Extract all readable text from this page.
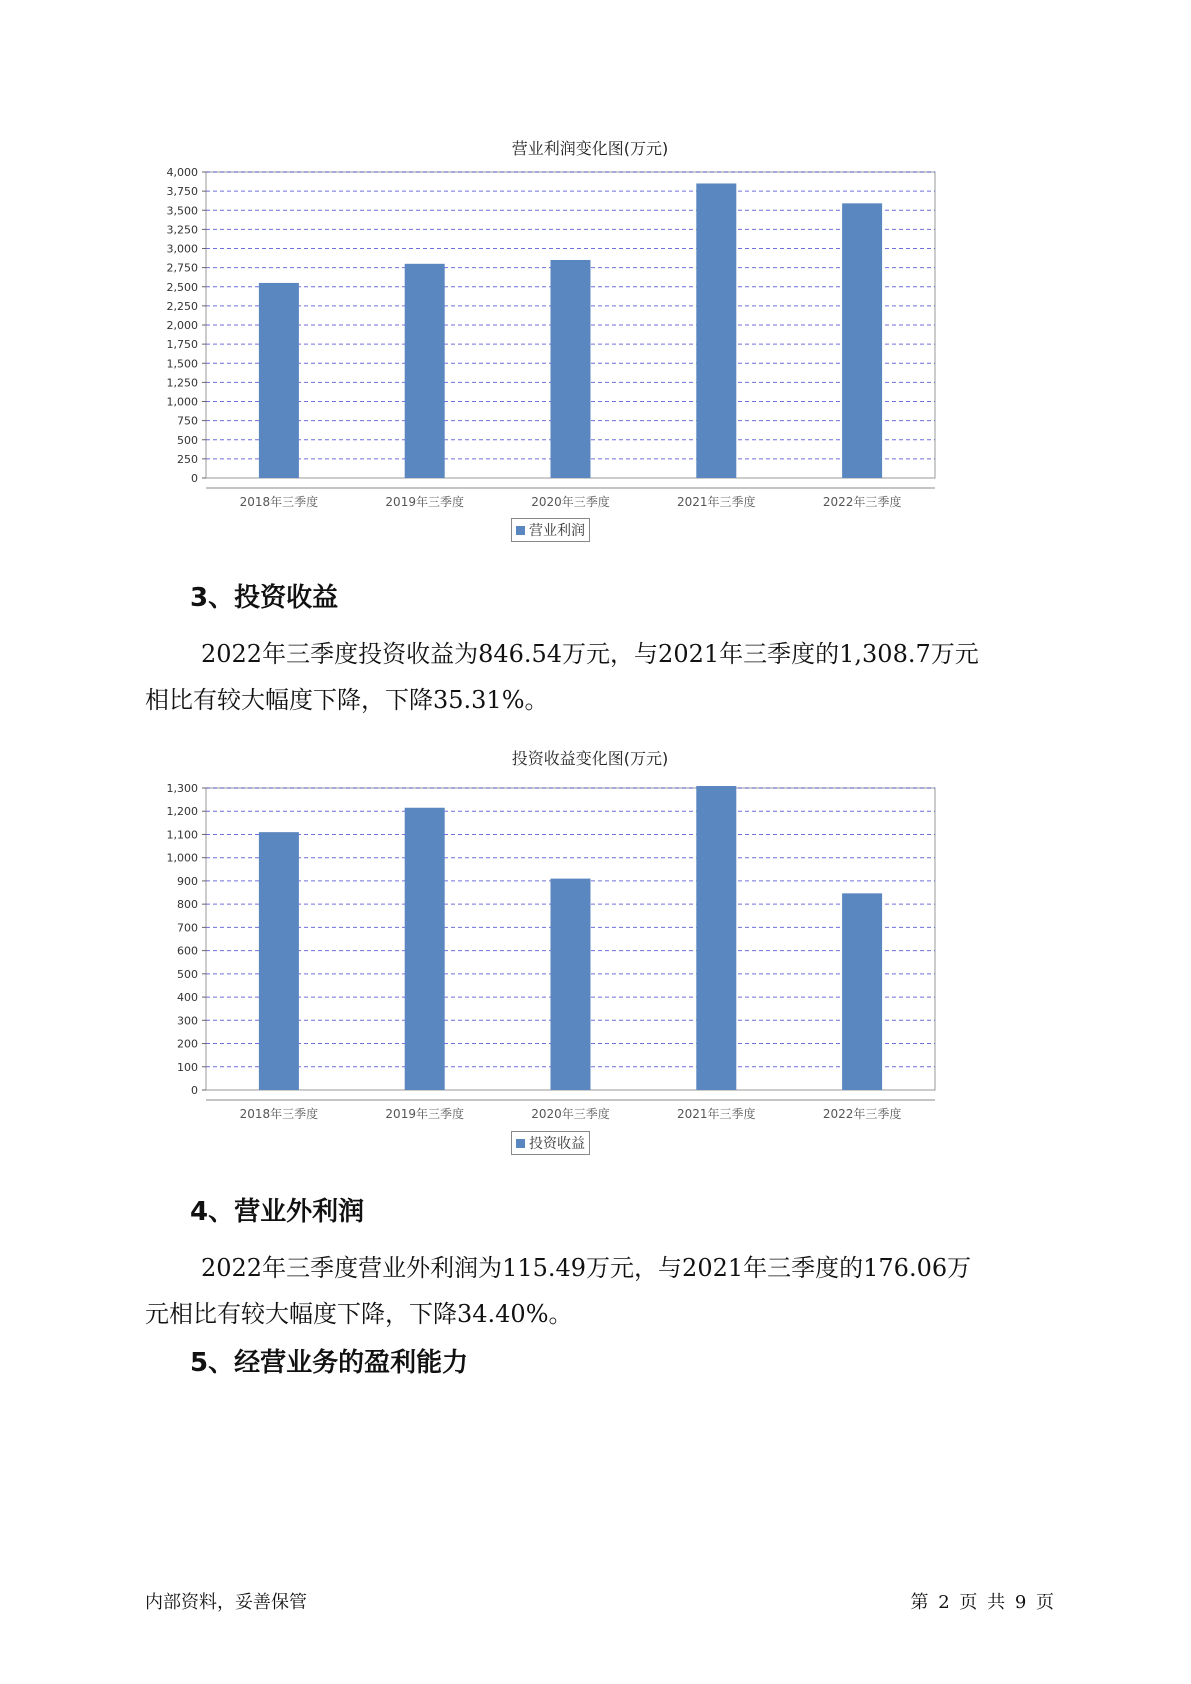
营业利润变化图(万元)
0
250
500
750
1,000
1,250
1,500
1,750
2,000
2,250
2,500
2,750
3,000
3,250
3,500
3,750
4,000
2018年三季度	2019年三季度	2020年三季度	2021年三季度	2022年三季度
营业利润
3、投资收益
2022年三季度投资收益为846.54万元，与2021年三季度的1,308.7万元
相比有较大幅度下降，下降35.31%。
投资收益变化图(万元)
0
100
200
300
400
500
600
700
800
900
1,000
1,100
1,200
1,300
2018年三季度	2019年三季度	2020年三季度	2021年三季度	2022年三季度
投资收益
4、营业外利润
2022年三季度营业外利润为115.49万元，与2021年三季度的176.06万
元相比有较大幅度下降，下降34.40%。
5、经营业务的盈利能力
内部资料，妥善保管	第 2 页 共 9 页
